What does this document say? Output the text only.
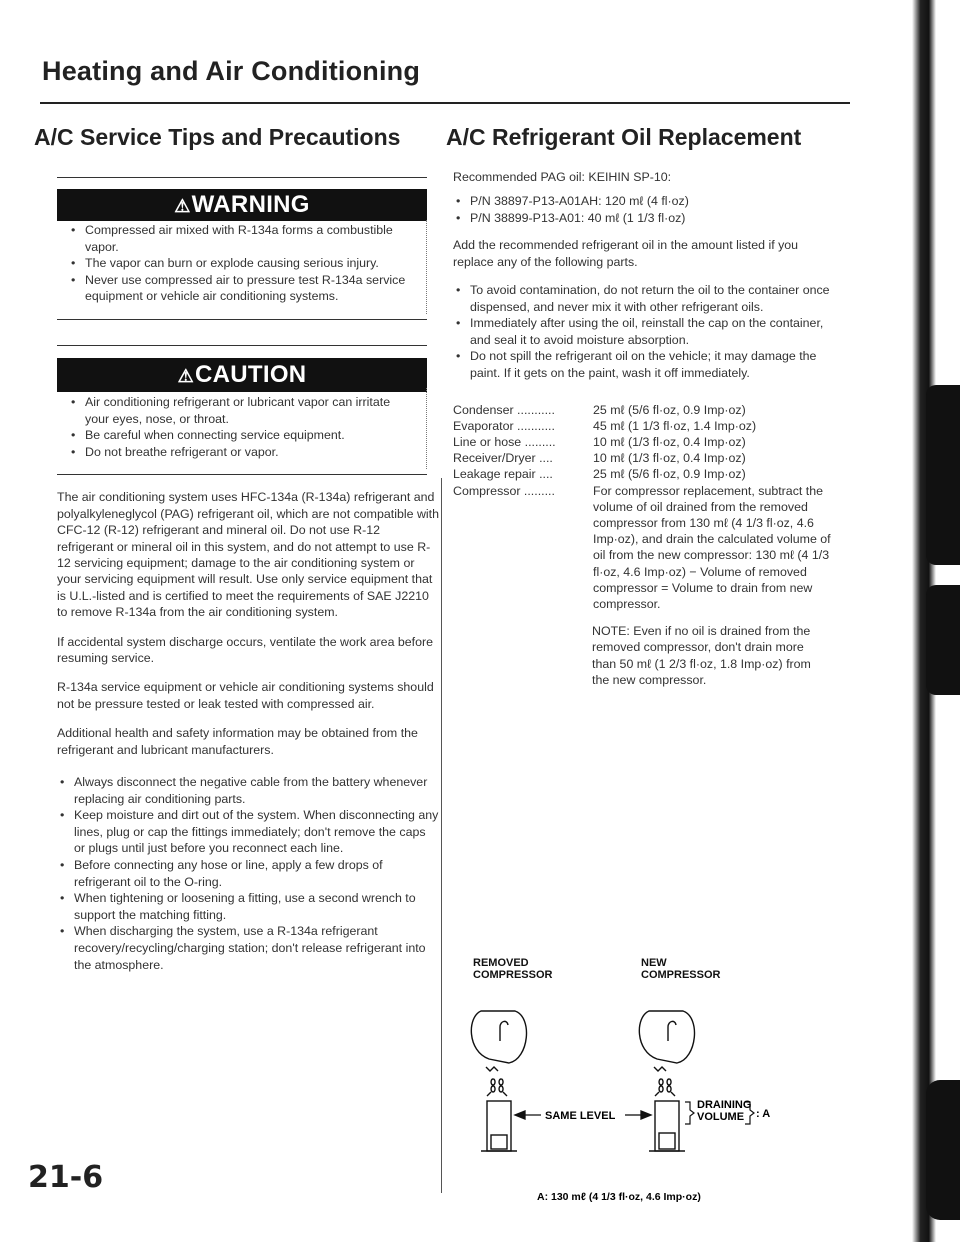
Heating and Air Conditioning
A/C Service Tips and Precautions
⚠WARNING
• Compressed air mixed with R-134a forms a combustible vapor.
• The vapor can burn or explode causing serious injury.
• Never use compressed air to pressure test R-134a service equipment or vehicle air conditioning systems.
⚠CAUTION
• Air conditioning refrigerant or lubricant vapor can irritate your eyes, nose, or throat.
• Be careful when connecting service equipment.
• Do not breathe refrigerant or vapor.

The air conditioning system uses HFC-134a (R-134a) refrigerant and polyalkyleneglycol (PAG) refrigerant oil, which are not compatible with CFC-12 (R-12) refrigerant and mineral oil. Do not use R-12 refrigerant or mineral oil in this system, and do not attempt to use R-12 servicing equipment; damage to the air conditioning system or your servicing equipment will result. Use only service equipment that is U.L.-listed and is certified to meet the requirements of SAE J2210 to remove R-134a from the air conditioning system.

If accidental system discharge occurs, ventilate the work area before resuming service.

R-134a service equipment or vehicle air conditioning systems should not be pressure tested or leak tested with compressed air.

Additional health and safety information may be obtained from the refrigerant and lubricant manufacturers.

• Always disconnect the negative cable from the battery whenever replacing air conditioning parts.
• Keep moisture and dirt out of the system. When disconnecting any lines, plug or cap the fittings immediately; don't remove the caps or plugs until just before you reconnect each line.
• Before connecting any hose or line, apply a few drops of refrigerant oil to the O-ring.
• When tightening or loosening a fitting, use a second wrench to support the matching fitting.
• When discharging the system, use a R-134a refrigerant recovery/recycling/charging station; don't release refrigerant into the atmosphere.
A/C Refrigerant Oil Replacement

Recommended PAG oil: KEIHIN SP-10:

• P/N 38897-P13-A01AH: 120 mℓ (4 fl·oz)
• P/N 38899-P13-A01: 40 mℓ (1 1/3 fl·oz)

Add the recommended refrigerant oil in the amount listed if you replace any of the following parts.

• To avoid contamination, do not return the oil to the container once dispensed, and never mix it with other refrigerant oils.
• Immediately after using the oil, reinstall the cap on the container, and seal it to avoid moisture absorption.
• Do not spill the refrigerant oil on the vehicle; it may damage the paint. If it gets on the paint, wash it off immediately.
Condenser ...........	25 mℓ (5/6 fl·oz, 0.9 Imp·oz)
Evaporator ...........	45 mℓ (1 1/3 fl·oz, 1.4 Imp·oz)
Line or hose .........	10 mℓ (1/3 fl·oz, 0.4 Imp·oz)
Receiver/Dryer ....	10 mℓ (1/3 fl·oz, 0.4 Imp·oz)
Leakage repair ....	25 mℓ (5/6 fl·oz, 0.9 Imp·oz)
Compressor .........	For compressor replacement, subtract the volume of oil drained from the removed compressor from 130 mℓ (4 1/3 fl·oz, 4.6 Imp·oz), and drain the calculated volume of oil from the new compressor: 130 mℓ (4 1/3 fl·oz, 4.6 Imp·oz) − Volume of removed compressor = Volume to drain from new compressor.

NOTE: Even if no oil is drained from the removed compressor, don't drain more than 50 mℓ (1 2/3 fl·oz, 1.8 Imp·oz) from the new compressor.

REMOVED
COMPRESSOR
NEW
COMPRESSOR
SAME LEVEL
DRAINING
VOLUME : A
A: 130 mℓ (4 1/3 fl·oz, 4.6 Imp·oz)
21-6
